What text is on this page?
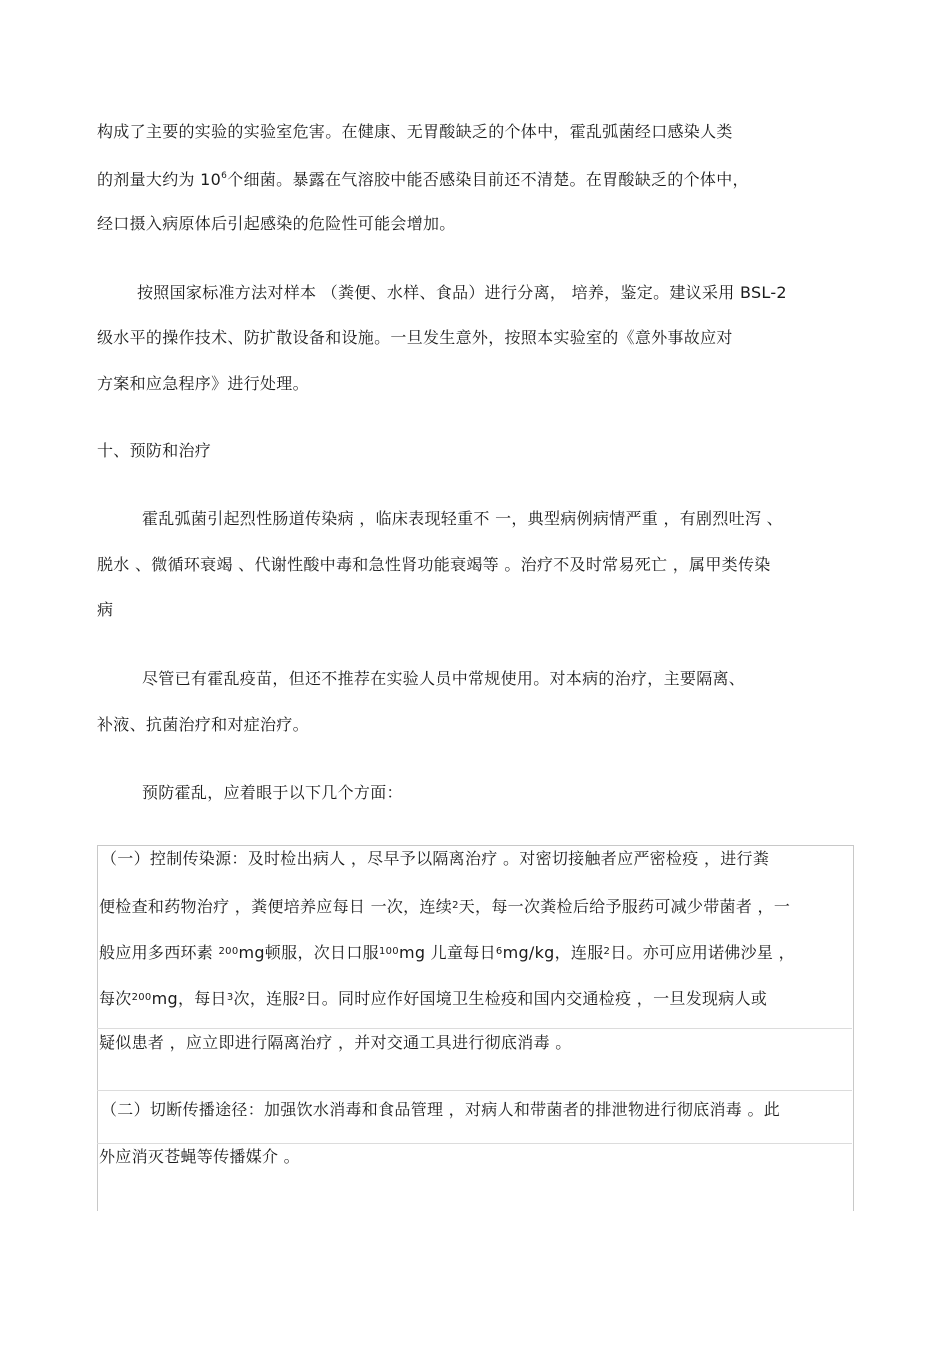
构成了主要的实验的实验室危害。在健康、无胃酸缺乏的个体中，霍乱弧菌经口感染人类
的剂量大约为 $10^6$个细菌。暴露在气溶胶中能否感染目前还不清楚。在胃酸缺乏的个体中，
经口摄入病原体后引起感染的危险性可能会增加。
按照国家标准方法对样本 （粪便、水样、食品）进行分离， 培养，鉴定。建议采用 BSL-2
级水平的操作技术、防扩散设备和设施。一旦发生意外，按照本实验室的《意外事故应对
方案和应急程序》进行处理。
十、预防和治疗
霍乱弧菌引起烈性肠道传染病 ，临床表现轻重不 一，典型病例病情严重 ，有剧烈吐泻 、
脱水 、微循环衰竭 、代谢性酸中毒和急性肾功能衰竭等 。治疗不及时常易死亡 ，属甲类传染
病
尽管已有霍乱疫苗，但还不推荐在实验人员中常规使用。对本病的治疗，主要隔离、
补液、抗菌治疗和对症治疗。
预防霍乱，应着眼于以下几个方面：
（一）控制传染源：及时检出病人 ，尽早予以隔离治疗 。对密切接触者应严密检疫 ，进行粪
便检查和药物治疗 ，粪便培养应每日 一次，连续$^2$天，每一次粪检后给予服药可减少带菌者 ，一
般应用多西环素 $^{200}$mg顿服，次日口服$^{100}$mg 儿童每日$^6$mg/kg，连服$^2$日。亦可应用诺佛沙星 ，
每次$^{200}$mg，每日$^3$次，连服$^2$日。同时应作好国境卫生检疫和国内交通检疫 ，一旦发现病人或
疑似患者 ，应立即进行隔离治疗 ，并对交通工具进行彻底消毒 。
（二）切断传播途径：加强饮水消毒和食品管理 ，对病人和带菌者的排泄物进行彻底消毒 。此
外应消灭苍蝇等传播媒介 。
